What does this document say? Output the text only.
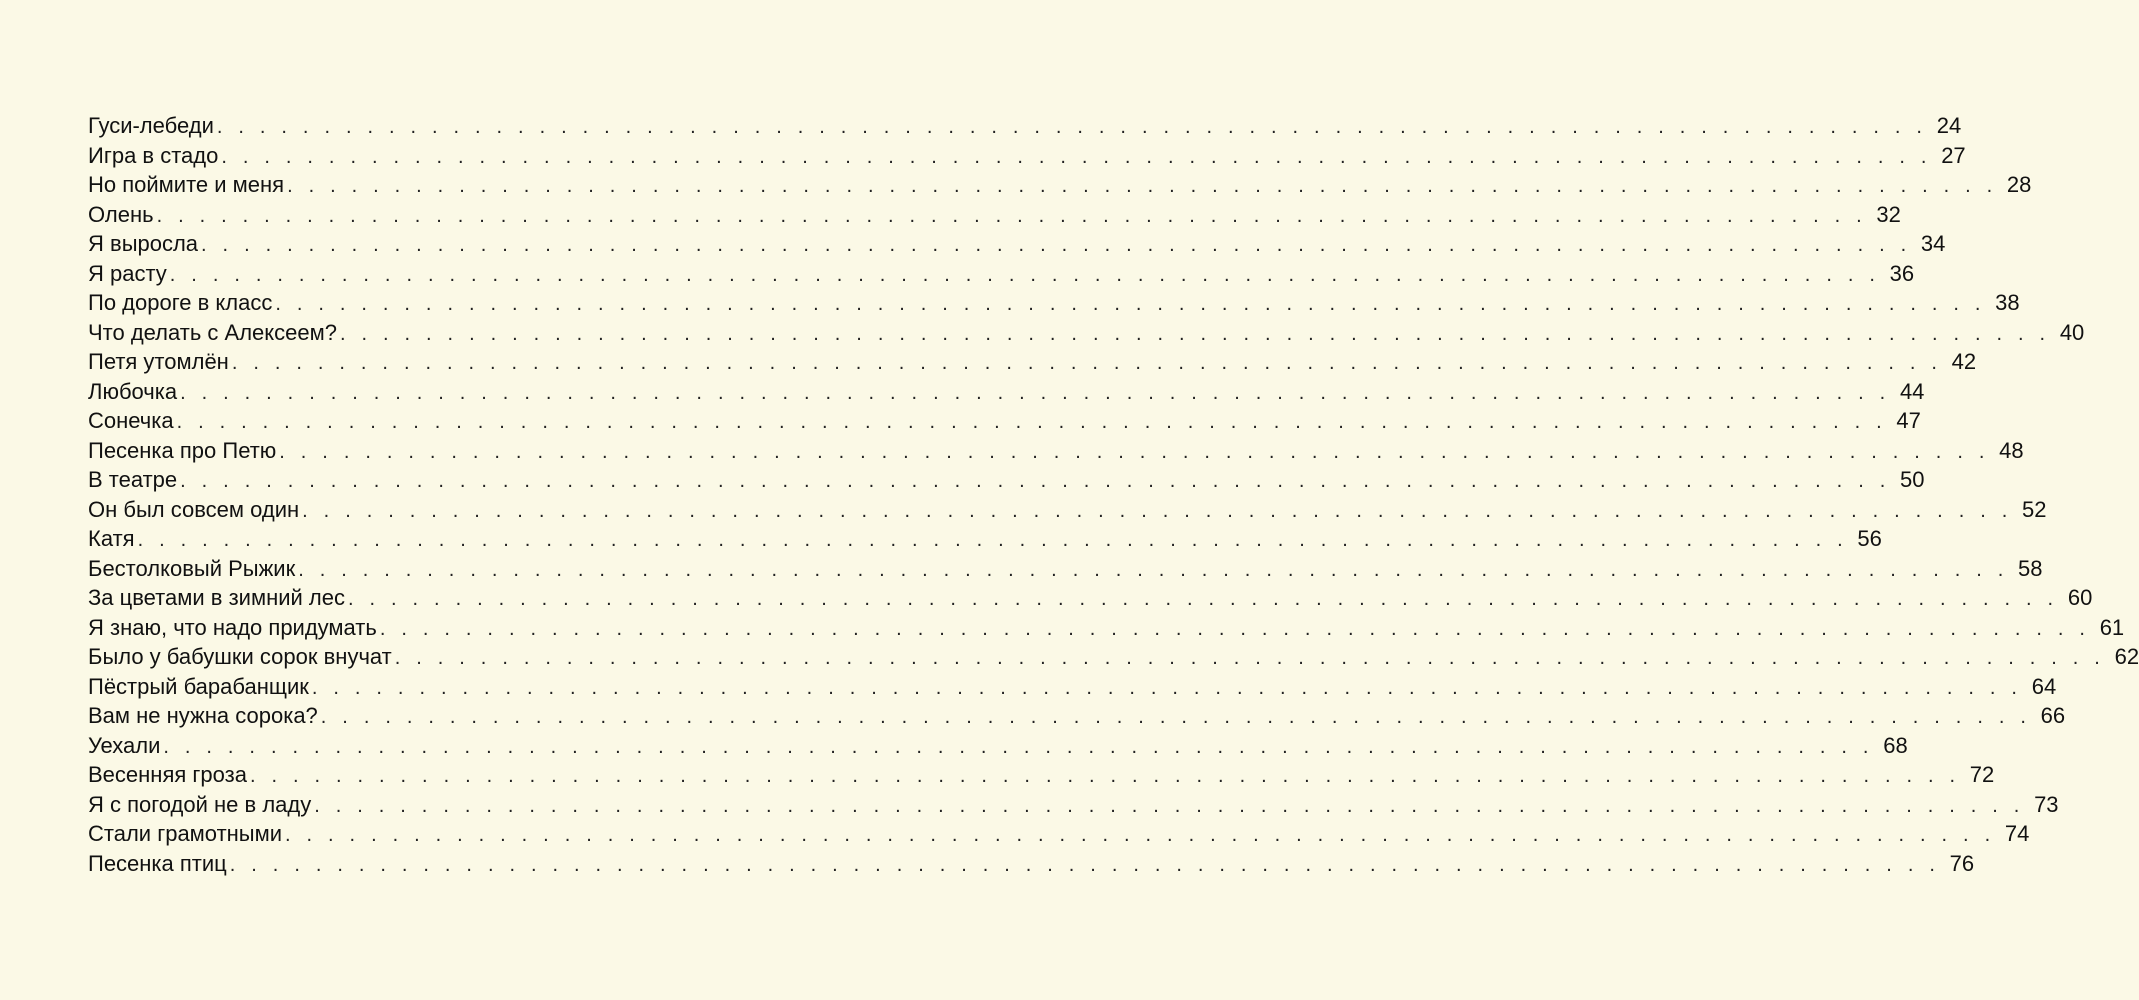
Гуси-лебеди . . . . . . . . . . . . . . . . . . . . . . . . . . . . . . . . . . . . . . . . . . . . . . . . . . . . . . . . . . . . . . . . . . . . . . . . . . . . . . . . 24
Игра в стадо . . . . . . . . . . . . . . . . . . . . . . . . . . . . . . . . . . . . . . . . . . . . . . . . . . . . . . . . . . . . . . . . . . . . . . . . . . . . . . . . 27
Но поймите и меня . . . . . . . . . . . . . . . . . . . . . . . . . . . . . . . . . . . . . . . . . . . . . . . . . . . . . . . . . . . . . . . . . . . . . . . . . . . . . . . . 28
Олень . . . . . . . . . . . . . . . . . . . . . . . . . . . . . . . . . . . . . . . . . . . . . . . . . . . . . . . . . . . . . . . . . . . . . . . . . . . . . . . . 32
Я выросла . . . . . . . . . . . . . . . . . . . . . . . . . . . . . . . . . . . . . . . . . . . . . . . . . . . . . . . . . . . . . . . . . . . . . . . . . . . . . . . . 34
Я расту . . . . . . . . . . . . . . . . . . . . . . . . . . . . . . . . . . . . . . . . . . . . . . . . . . . . . . . . . . . . . . . . . . . . . . . . . . . . . . . . 36
По дороге в класс . . . . . . . . . . . . . . . . . . . . . . . . . . . . . . . . . . . . . . . . . . . . . . . . . . . . . . . . . . . . . . . . . . . . . . . . . . . . . . . . 38
Что делать с Алексеем? . . . . . . . . . . . . . . . . . . . . . . . . . . . . . . . . . . . . . . . . . . . . . . . . . . . . . . . . . . . . . . . . . . . . . . . . . . . . . . . . 40
Петя утомлён . . . . . . . . . . . . . . . . . . . . . . . . . . . . . . . . . . . . . . . . . . . . . . . . . . . . . . . . . . . . . . . . . . . . . . . . . . . . . . . . 42
Любочка . . . . . . . . . . . . . . . . . . . . . . . . . . . . . . . . . . . . . . . . . . . . . . . . . . . . . . . . . . . . . . . . . . . . . . . . . . . . . . . . 44
Сонечка . . . . . . . . . . . . . . . . . . . . . . . . . . . . . . . . . . . . . . . . . . . . . . . . . . . . . . . . . . . . . . . . . . . . . . . . . . . . . . . . 47
Песенка про Петю . . . . . . . . . . . . . . . . . . . . . . . . . . . . . . . . . . . . . . . . . . . . . . . . . . . . . . . . . . . . . . . . . . . . . . . . . . . . . . . . 48
В театре . . . . . . . . . . . . . . . . . . . . . . . . . . . . . . . . . . . . . . . . . . . . . . . . . . . . . . . . . . . . . . . . . . . . . . . . . . . . . . . . 50
Он был совсем один . . . . . . . . . . . . . . . . . . . . . . . . . . . . . . . . . . . . . . . . . . . . . . . . . . . . . . . . . . . . . . . . . . . . . . . . . . . . . . . . 52
Катя . . . . . . . . . . . . . . . . . . . . . . . . . . . . . . . . . . . . . . . . . . . . . . . . . . . . . . . . . . . . . . . . . . . . . . . . . . . . . . . . 56
Бестолковый Рыжик . . . . . . . . . . . . . . . . . . . . . . . . . . . . . . . . . . . . . . . . . . . . . . . . . . . . . . . . . . . . . . . . . . . . . . . . . . . . . . . . 58
За цветами в зимний лес . . . . . . . . . . . . . . . . . . . . . . . . . . . . . . . . . . . . . . . . . . . . . . . . . . . . . . . . . . . . . . . . . . . . . . . . . . . . . . . . 60
Я знаю, что надо придумать . . . . . . . . . . . . . . . . . . . . . . . . . . . . . . . . . . . . . . . . . . . . . . . . . . . . . . . . . . . . . . . . . . . . . . . . . . . . . . . . 61
Было у бабушки сорок внучат . . . . . . . . . . . . . . . . . . . . . . . . . . . . . . . . . . . . . . . . . . . . . . . . . . . . . . . . . . . . . . . . . . . . . . . . . . . . . . . . 62
Пёстрый барабанщик . . . . . . . . . . . . . . . . . . . . . . . . . . . . . . . . . . . . . . . . . . . . . . . . . . . . . . . . . . . . . . . . . . . . . . . . . . . . . . . . 64
Вам не нужна сорока? . . . . . . . . . . . . . . . . . . . . . . . . . . . . . . . . . . . . . . . . . . . . . . . . . . . . . . . . . . . . . . . . . . . . . . . . . . . . . . . . 66
Уехали . . . . . . . . . . . . . . . . . . . . . . . . . . . . . . . . . . . . . . . . . . . . . . . . . . . . . . . . . . . . . . . . . . . . . . . . . . . . . . . . 68
Весенняя гроза . . . . . . . . . . . . . . . . . . . . . . . . . . . . . . . . . . . . . . . . . . . . . . . . . . . . . . . . . . . . . . . . . . . . . . . . . . . . . . . . 72
Я с погодой не в ладу . . . . . . . . . . . . . . . . . . . . . . . . . . . . . . . . . . . . . . . . . . . . . . . . . . . . . . . . . . . . . . . . . . . . . . . . . . . . . . . . 73
Стали грамотными . . . . . . . . . . . . . . . . . . . . . . . . . . . . . . . . . . . . . . . . . . . . . . . . . . . . . . . . . . . . . . . . . . . . . . . . . . . . . . . . 74
Песенка птиц . . . . . . . . . . . . . . . . . . . . . . . . . . . . . . . . . . . . . . . . . . . . . . . . . . . . . . . . . . . . . . . . . . . . . . . . . . . . . . . . 76
